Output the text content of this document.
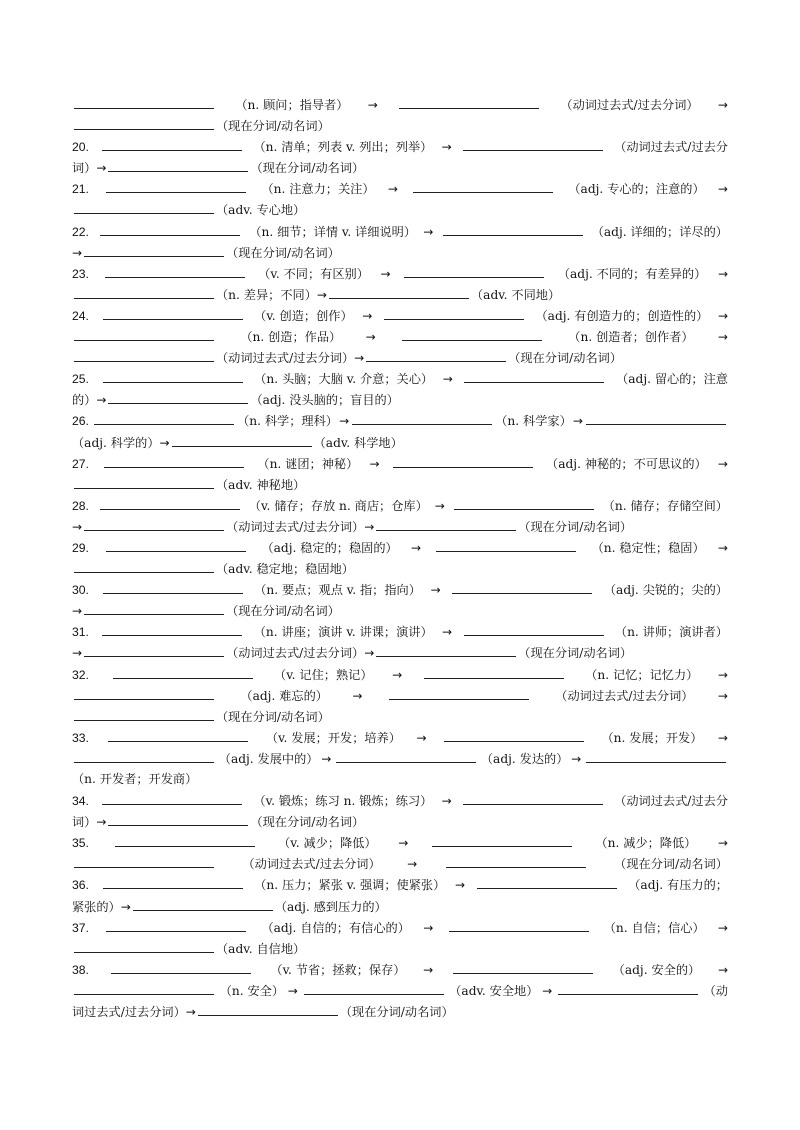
（n. 顾问；指导者） →	（动词过去式/过去分词） →
（现在分词/动名词）
20.	（n. 清单；列表 v. 列出；列举） →	（动词过去式/过去分
词） →	（现在分词/动名词）
21.	（n. 注意力；关注） →	（adj. 专心的；注意的） →
（adv. 专心地）
22.	（n. 细节；详情 v. 详细说明） →	（adj. 详细的；详尽的）
→	（现在分词/动名词）
23.	（v. 不同；有区别） →	（adj. 不同的；有差异的） →
（n. 差异；不同） →	（adv. 不同地）
24.	（v. 创造；创作） →	（adj. 有创造力的；创造性的） →
（n. 创造；作品） →	（n. 创造者；创作者） →
（动词过去式/过去分词） →	（现在分词/动名词）
25.	（n. 头脑；大脑 v. 介意；关心） →	（adj. 留心的；注意
的） →	（adj. 没头脑的；盲目的）
26.	（n. 科学；理科） →	（n. 科学家） →
（adj. 科学的） →	（adv. 科学地）
27.	（n. 谜团；神秘） →	（adj. 神秘的；不可思议的） →
（adv. 神秘地）
28.	（v. 储存；存放 n. 商店；仓库） →	（n. 储存；存储空间）
→	（动词过去式/过去分词） →	（现在分词/动名词）
29.	（adj. 稳定的；稳固的） →	（n. 稳定性；稳固） →
（adv. 稳定地；稳固地）
30.	（n. 要点；观点 v. 指；指向） →	（adj. 尖锐的；尖的）
→	（现在分词/动名词）
31.	（n. 讲座；演讲 v. 讲课；演讲） →	（n. 讲师；演讲者）
→	（动词过去式/过去分词） →	（现在分词/动名词）
32.	（v. 记住；熟记） →	（n. 记忆；记忆力） →
（adj. 难忘的） →	（动词过去式/过去分词） →
（现在分词/动名词）
33.	（v. 发展；开发；培养） →	（n. 发展；开发） →
（adj. 发展中的） →	（adj. 发达的） →
（n. 开发者；开发商）
34.	（v. 锻炼；练习 n. 锻炼；练习） →	（动词过去式/过去分
词） →	（现在分词/动名词）
35.	（v. 减少；降低） →	（n. 减少；降低） →
（动词过去式/过去分词） →	（现在分词/动名词）
36.	（n. 压力；紧张 v. 强调；使紧张） →	（adj. 有压力的；
紧张的） →	（adj. 感到压力的）
37.	（adj. 自信的；有信心的） →	（n. 自信；信心） →
（adv. 自信地）
38.	（v. 节省；拯救；保存） →	（adj. 安全的） →
（n. 安全） →	（adv. 安全地） →	（动
词过去式/过去分词） →	（现在分词/动名词）
